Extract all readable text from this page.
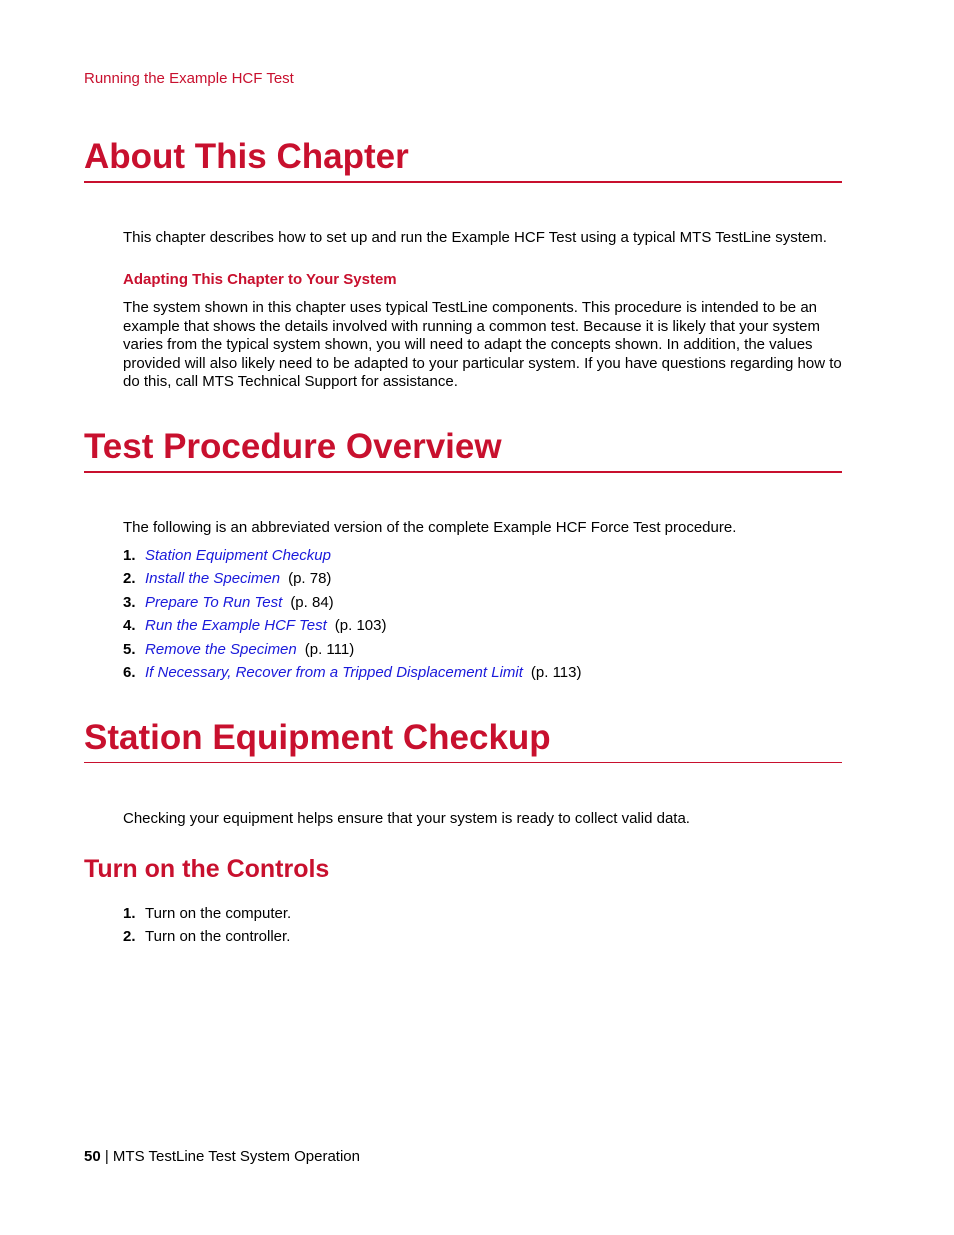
Running the Example HCF Test
About This Chapter
This chapter describes how to set up and run the Example HCF Test using a typical MTS TestLine system.
Adapting This Chapter to Your System
The system shown in this chapter uses typical TestLine components. This procedure is intended to be an example that shows the details involved with running a common test. Because it is likely that your system varies from the typical system shown, you will need to adapt the concepts shown. In addition, the values provided will also likely need to be adapted to your particular system. If you have questions regarding how to do this, call MTS Technical Support for assistance.
Test Procedure Overview
The following is an abbreviated version of the complete Example HCF Force Test procedure.
1. Station Equipment Checkup
2. Install the Specimen (p. 78)
3. Prepare To Run Test (p. 84)
4. Run the Example HCF Test (p. 103)
5. Remove the Specimen (p. 111)
6. If Necessary, Recover from a Tripped Displacement Limit (p. 113)
Station Equipment Checkup
Checking your equipment helps ensure that your system is ready to collect valid data.
Turn on the Controls
1. Turn on the computer.
2. Turn on the controller.
50 | MTS TestLine Test System Operation
